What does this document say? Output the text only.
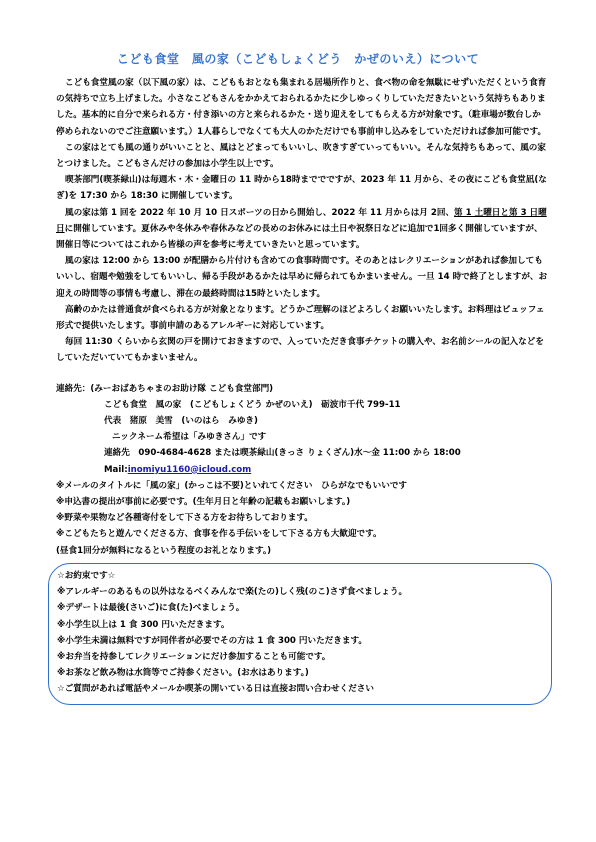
こども食堂　風の家（こどもしょくどう　かぜのいえ）について

こども食堂風の家（以下風の家）は、こどももおとなも集まれる居場所作りと、食べ物の命を無駄にせずいただくという食育の気持ちで立ち上げました。小さなこどもさんをかかえておられるかたに少しゆっくりしていただきたいという気持ちもありました。基本的に自分で来られる方・付き添いの方と来られるかた・送り迎えをしてもらえる方が対象です。（駐車場が数台しか停められないのでご注意願います。）1人暮らしでなくても大人のかただけでも事前申し込みをしていただければ参加可能です。

この家はとても風の通りがいいことと、風はとどまってもいいし、吹きすぎていってもいい。そんな気持ちもあって、風の家とつけました。こどもさんだけの参加は小学生以上です。

喫茶部門(喫茶緑山)は毎週木・木・金曜日の 11 時から18時まででですが、2023 年 11 月から、その夜にこども食堂凪(なぎ)を 17:30 から 18:30 に開催しています。

風の家は第 1 回を 2022 年 10 月 10 日スポーツの日から開始し、2022 年 11 月からは月 2回、第 1 土曜日と第 3 日曜日に開催しています。夏休みや冬休みや春休みなどの長めのお休みには土日や祝祭日などに追加で1回多く開催していますが、開催日等についてはこれから皆様の声を参考に考えていきたいと思っています。

風の家は 12:00 から 13:00 が配膳から片付けも含めての食事時間です。そのあとはレクリエーションがあれば参加してもいいし、宿題や勉強をしてもいいし、帰る手段があるかたは早めに帰られてもかまいません。一旦 14 時で終了としますが、お迎えの時間等の事情も考慮し、滞在の最終時間は15時といたします。

高齢のかたは普通食が食べられる方が対象となります。どうかご理解のほどよろしくお願いいたします。お料理はビュッフェ形式で提供いたします。事前申請のあるアレルギーに対応しています。

毎回 11:30 くらいから玄関の戸を開けておきますので、入っていただき食事チケットの購入や、お名前シールの記入などをしていただいていてもかまいません。

連絡先：(みーおばあちゃまのお助け隊 こども食堂部門)
こども食堂　風の家　(こどもしょくどう かぜのいえ)　砺波市千代 799-11
代表　猪原　美雪　(いのはら　みゆき)
ニックネーム希望は「みゆきさん」です
連絡先　090-4684-4628 または喫茶緑山(きっさ りょくざん)水～金 11:00 から 18:00
Mail:inomiyu1160@icloud.com
※メールのタイトルに「風の家」(かっこは不要)といれてください　ひらがなでもいいです
※申込書の提出が事前に必要です。(生年月日と年齢の記載もお願いします。)
※野菜や果物など各種寄付をして下さる方をお待ちしております。
※こどもたちと遊んでくださる方、食事を作る手伝いをして下さる方も大歓迎です。
(昼食1回分が無料になるという程度のお礼となります。)
☆お約束です☆
※アレルギーのあるもの以外はなるべくみんなで楽(たの)しく残(のこ)さず食べましょう。
※デザートは最後(さいご)に食(た)べましょう。
※小学生以上は 1 食 300 円いただきます。
※小学生未満は無料ですが同伴者が必要でその方は 1 食 300 円いただきます。
※お弁当を持参してレクリエーションにだけ参加することも可能です。
※お茶など飲み物は水筒等でご持参ください。(お水はあります。)
☆ご質問があれば電話やメールか喫茶の開いている日は直接お問い合わせください
